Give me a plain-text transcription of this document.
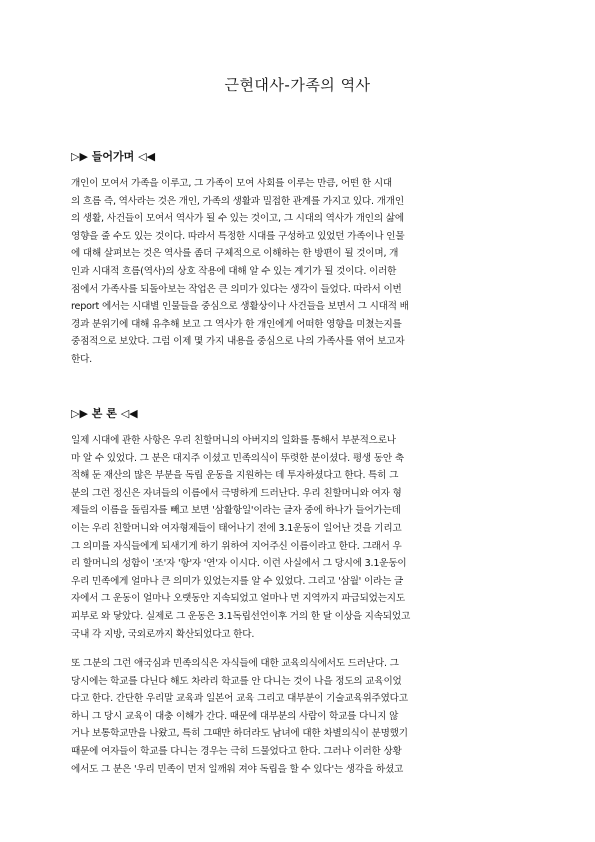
근현대사-가족의 역사
▷▶ 들어가며 ◁◀

개인이 모여서 가족을 이루고, 그 가족이 모여 사회를 이루는 만큼, 어떤 한 시대
의 흐름 즉, 역사라는 것은 개인, 가족의 생활과 밀접한 관계를 가지고 있다. 개개인
의 생활, 사건들이 모여서 역사가 될 수 있는 것이고, 그 시대의 역사가 개인의 삶에
영향을 줄 수도 있는 것이다. 따라서 특정한 시대를 구성하고 있었던 가족이나 인물
에 대해 살펴보는 것은 역사를 좀더 구체적으로 이해하는 한 방편이 될 것이며, 개
인과 시대적 흐름(역사)의 상호 작용에 대해 알 수 있는 계기가 될 것이다. 이러한
점에서 가족사를 되돌아보는 작업은 큰 의미가 있다는 생각이 들었다. 따라서 이번
report 에서는 시대별 인물들을 중심으로 생활상이나 사건들을 보면서 그 시대적 배
경과 분위기에 대해 유추해 보고 그 역사가 한 개인에게 어떠한 영향을 미쳤는지를
중점적으로 보았다. 그럼 이제 몇 가지 내용을 중심으로 나의 가족사를 엮어 보고자
한다.

▷▶ 본 론 ◁◀

일제 시대에 관한 사항은 우리 친할머니의 아버지의 일화를 통해서 부분적으로나
마 알 수 있었다. 그 분은 대지주 이셨고 민족의식이 뚜렷한 분이셨다. 평생 동안 축
적해 둔 재산의 많은 부분을 독립 운동을 지원하는 데 투자하셨다고 한다. 특히 그
분의 그런 정신은 자녀들의 이름에서 극명하게 드러난다. 우리 친할머니와 여자 형
제들의 이름을 돌림자를 빼고 보면 '삼활항일'이라는 글자 중에 하나가 들어가는데
이는 우리 친할머니와 여자형제들이 태어나기 전에 3.1운동이 일어난 것을 기리고
그 의미를 자식들에게 되새기게 하기 위하여 지어주신 이름이라고 한다. 그래서 우
리 할머니의 성함이 '조'자 '항'자 '연'자 이시다. 이런 사실에서 그 당시에 3.1운동이
우리 민족에게 얼마나 큰 의미가 있었는지를 알 수 있었다. 그리고 '삼월' 이라는 글
자에서 그 운동이 얼마나 오랫동안 지속되었고 얼마나 먼 지역까지 파급되었는지도
피부로 와 닿았다. 실제로 그 운동은 3.1독립선언이후 거의 한 달 이상을 지속되었고
국내 각 지방, 국외로까지 확산되었다고 한다.

또 그분의 그런 애국심과 민족의식은 자식들에 대한 교육의식에서도 드러난다. 그
당시에는 학교를 다닌다 해도 차라리 학교를 안 다니는 것이 나을 정도의 교육이었
다고 한다. 간단한 우리말 교육과 일본어 교육 그리고 대부분이 기술교육위주였다고
하니 그 당시 교육이 대충 이해가 간다. 때문에 대부분의 사람이 학교를 다니지 않
거나 보통학교만을 나왔고, 특히 그때만 하더라도 남녀에 대한 차별의식이 분명했기
때문에 여자들이 학교를 다니는 경우는 극히 드물었다고 한다. 그러나 이러한 상황
에서도 그 분은 '우리 민족이 먼저 일깨워 져야 독립을 할 수 있다'는 생각을 하셨고
